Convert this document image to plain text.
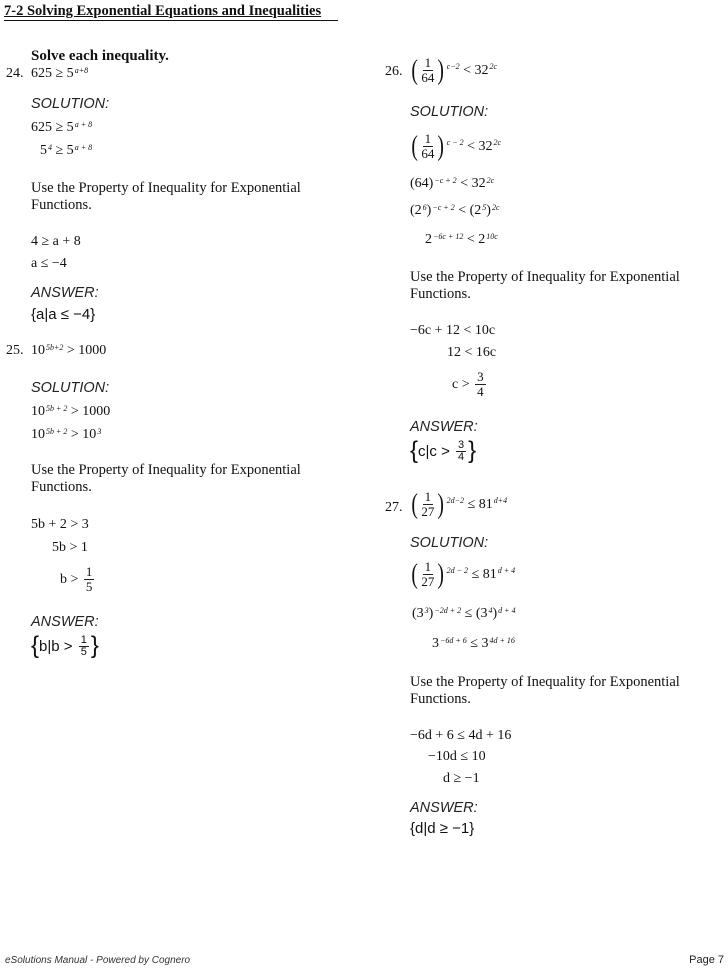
7-2 Solving Exponential Equations and Inequalities
Solve each inequality.
24. $625 \ge 5^{a+8}$
SOLUTION:
$625 \ge 5^{a + 8}$
$5^4 \ge 5^{a + 8}$
Use the Property of Inequality for Exponential
Functions.
4 ≥ a + 8
a ≤ −4
ANSWER:
{a|a ≤ −4}
25. $10^{5b+2} > 1000$
SOLUTION:
$10^{5b + 2} > 1000$
$10^{5b + 2} > 10^3$
Use the Property of Inequality for Exponential
Functions.
5b + 2 > 3
5b > 1
$b > \frac{1}{5}$
ANSWER:
{ $b|b > \frac{1}{5}$ }
26. ( $\frac{1}{64}$ ) $^{c-2} < 32^{2c}$
SOLUTION:
( $\frac{1}{64}$ ) $^{c - 2} < 32^{2c}$
$(64)^{-c + 2} < 32^{2c}$
($2^6$ )$^{-c + 2} < (2^5$ )$^{2c}$
$2^{-6c + 12} < 2^{10c}$
Use the Property of Inequality for Exponential
Functions.
−6c + 12 < 10c
12 < 16c
$c > \frac{3}{4}$
ANSWER:
{ $c|c > \frac{3}{4}$ }
27. ( $\frac{1}{27}$ ) $^{2d-2} \le 81^{d+4}$
SOLUTION:
( $\frac{1}{27}$ ) $^{2d - 2} \le 81^{d + 4}$
($3^3$ )$^{-2d + 2} \le (3^4$ )$^{d + 4}$
$3^{-6d + 6} \le 3^{4d + 16}$
Use the Property of Inequality for Exponential
Functions.
−6d + 6 ≤ 4d + 16
−10d ≤ 10
d ≥ −1
ANSWER:
{d|d ≥ −1}
eSolutions Manual - Powered by Cognero	Page 7
